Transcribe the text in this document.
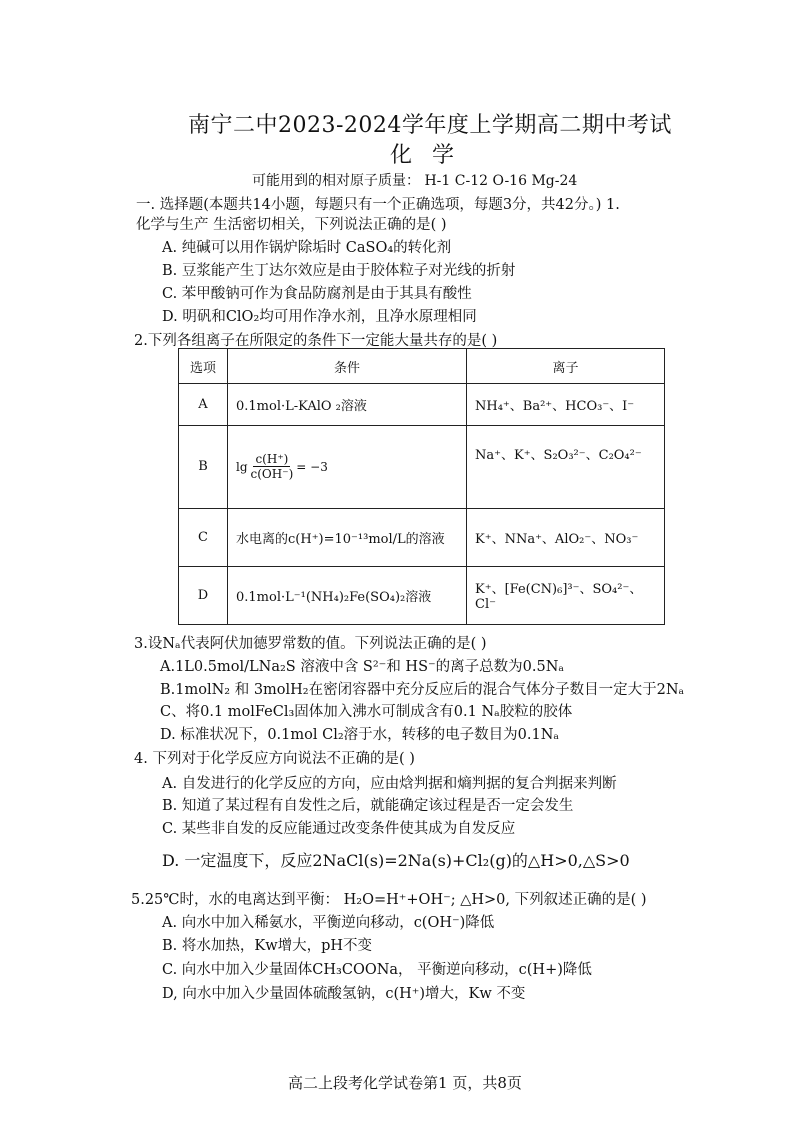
南宁二中2023-2024学年度上学期高二期中考试
化学
可能用到的相对原子质量： H-1 C-12 O-16 Mg-24
一. 选择题(本题共14小题，每题只有一个正确选项，每题3分，共42分。) 1.
化学与生产 生活密切相关，下列说法正确的是( )
A. 纯碱可以用作锅炉除垢时 CaSO₄的转化剂
B. 豆浆能产生丁达尔效应是由于胶体粒子对光线的折射
C. 苯甲酸钠可作为食品防腐剂是由于其具有酸性
D. 明矾和ClO₂均可用作净水剂，且净水原理相同
2.下列各组离子在所限定的条件下一定能大量共存的是( )
选项	条件	离子
A	0.1mol·L-KAlO ₂溶液	NH₄⁺、Ba²⁺、HCO₃⁻、I⁻
B	$\lg \frac{c(H^+)}{c(OH^-)} = -3$	Na⁺、K⁺、S₂O₃²⁻、C₂O₄²⁻
C	水电离的c(H⁺)=10⁻¹³mol/L的溶液	K⁺、NNa⁺、AlO₂⁻、NO₃⁻
D	0.1mol·L⁻¹(NH₄)₂Fe(SO₄)₂溶液	K⁺、[Fe(CN)₆]³⁻、SO₄²⁻、Cl⁻
3.设Nₐ代表阿伏加德罗常数的值。下列说法正确的是( )
A.1L0.5mol/LNa₂S 溶液中含 S²⁻和 HS⁻的离子总数为0.5Nₐ
B.1molN₂ 和 3molH₂在密闭容器中充分反应后的混合气体分子数目一定大于2Nₐ
C、将0.1 molFeCl₃固体加入沸水可制成含有0.1 Nₐ胶粒的胶体
D. 标准状况下，0.1mol Cl₂溶于水，转移的电子数目为0.1Nₐ
4. 下列对于化学反应方向说法不正确的是( )
A. 自发进行的化学反应的方向，应由焓判据和熵判据的复合判据来判断
B. 知道了某过程有自发性之后，就能确定该过程是否一定会发生
C. 某些非自发的反应能通过改变条件使其成为自发反应
D. 一定温度下，反应2NaCl(s)=2Na(s)+Cl₂(g)的△H>0,△S>0
5.25℃时，水的电离达到平衡： H₂O=H⁺+OH⁻; △H>0, 下列叙述正确的是( )
A. 向水中加入稀氨水，平衡逆向移动，c(OH⁻)降低
B. 将水加热，Kw增大，pH不变
C. 向水中加入少量固体CH₃COONa， 平衡逆向移动，c(H+)降低
D, 向水中加入少量固体硫酸氢钠，c(H⁺)增大，Kw 不变
高二上段考化学试卷第1 页，共8页
